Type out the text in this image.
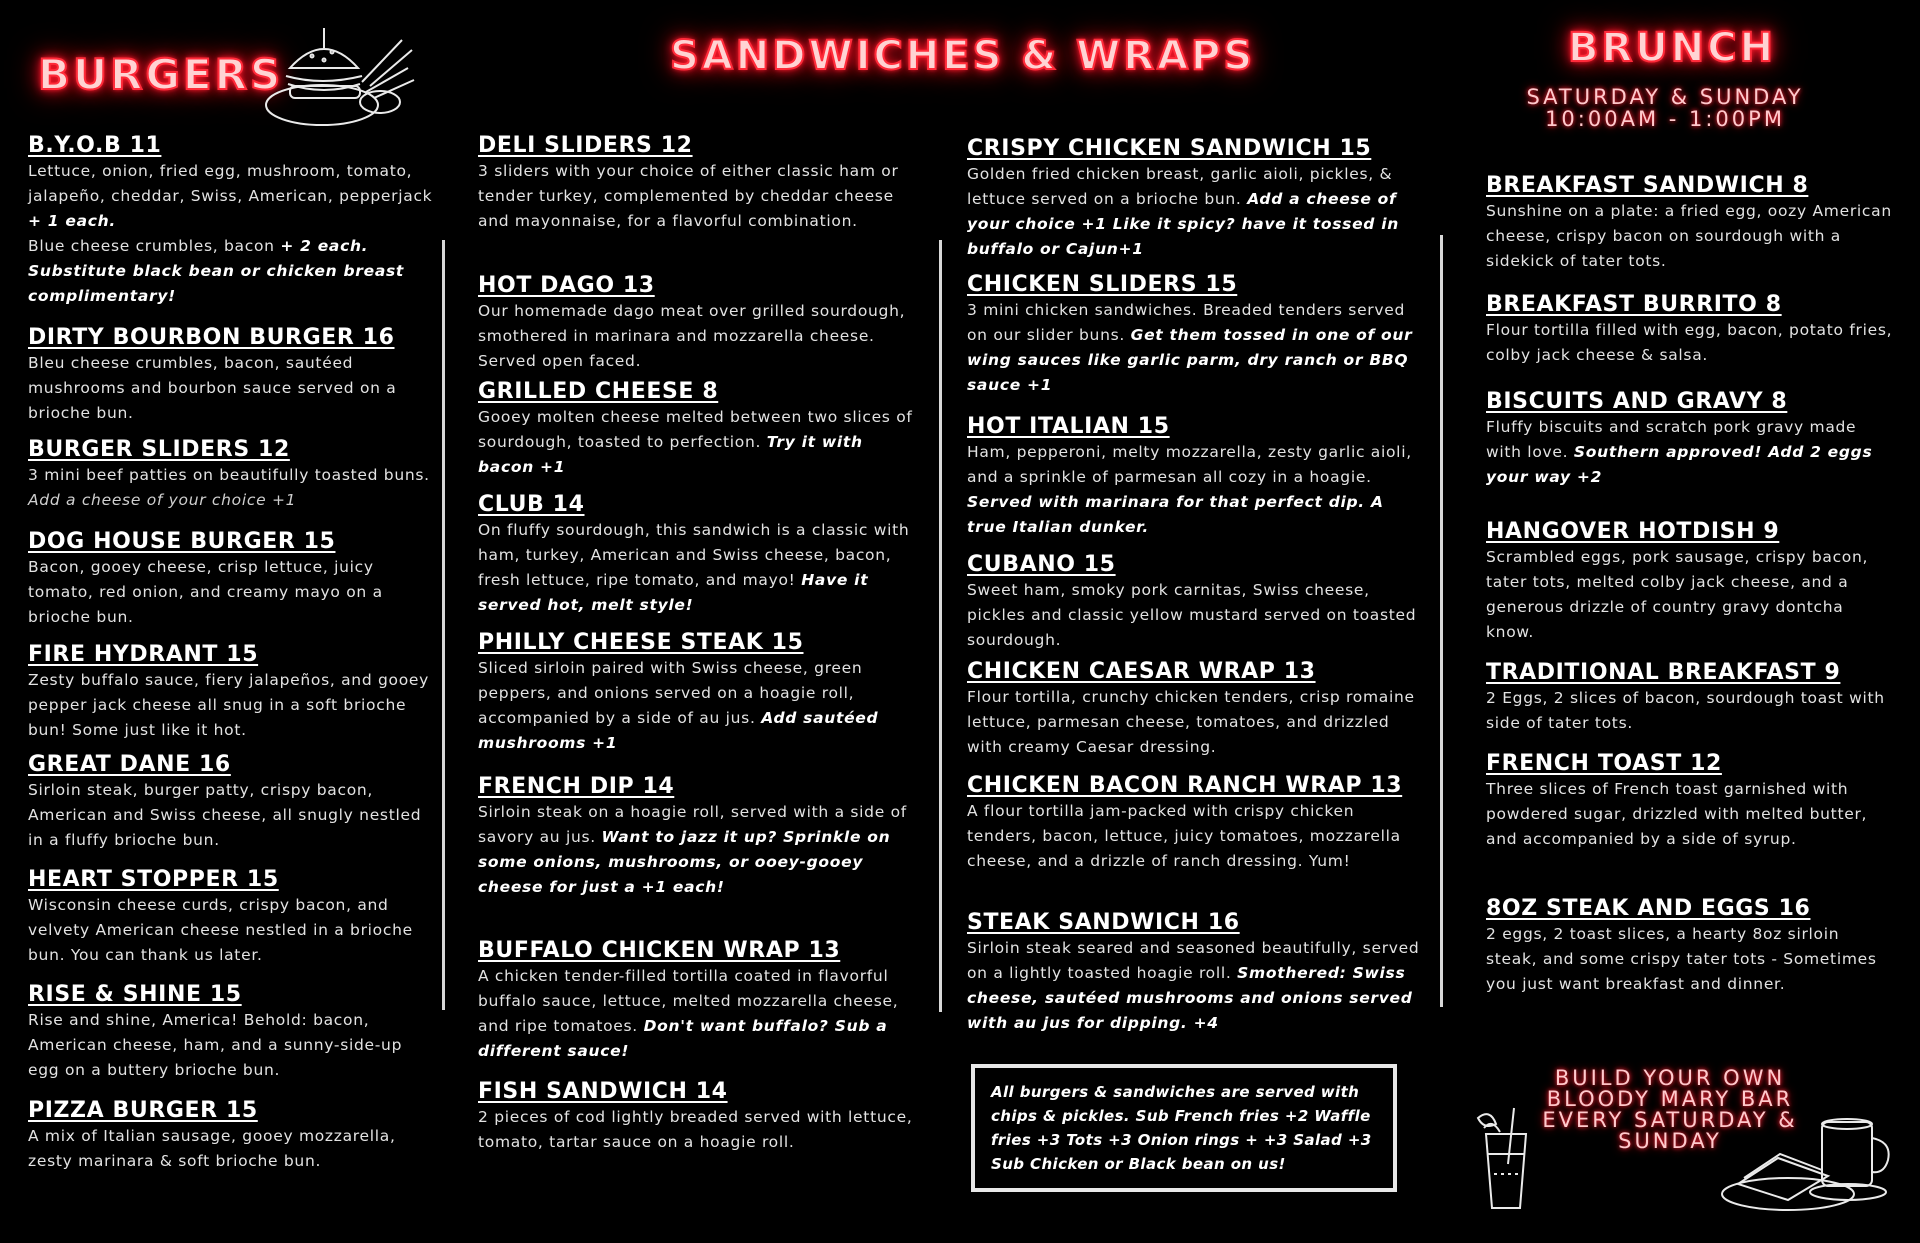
BURGERS	SANDWICHES & WRAPS	BRUNCH
SATURDAY & SUNDAY
10:00AM - 1:00PM
B.Y.O.B 11

Lettuce, onion, fried egg, mushroom, tomato, jalapeño, cheddar, Swiss, American, pepperjack + 1 each.
Blue cheese crumbles, bacon + 2 each. Substitute black bean or chicken breast complimentary!

DIRTY BOURBON BURGER 16

Bleu cheese crumbles, bacon, sautéed mushrooms and bourbon sauce served on a brioche bun.

BURGER SLIDERS 12

3 mini beef patties on beautifully toasted buns. Add a cheese of your choice +1

DOG HOUSE BURGER 15

Bacon, gooey cheese, crisp lettuce, juicy tomato, red onion, and creamy mayo on a brioche bun.

FIRE HYDRANT 15

Zesty buffalo sauce, fiery jalapeños, and gooey pepper jack cheese all snug in a soft brioche bun! Some just like it hot.

GREAT DANE 16

Sirloin steak, burger patty, crispy bacon, American and Swiss cheese, all snugly nestled in a fluffy brioche bun.

HEART STOPPER 15

Wisconsin cheese curds, crispy bacon, and velvety American cheese nestled in a brioche bun. You can thank us later.

RISE & SHINE 15

Rise and shine, America! Behold: bacon, American cheese, ham, and a sunny-side-up egg on a buttery brioche bun.

PIZZA BURGER 15

A mix of Italian sausage, gooey mozzarella, zesty marinara & soft brioche bun.

DELI SLIDERS 12

3 sliders with your choice of either classic ham or tender turkey, complemented by cheddar cheese and mayonnaise, for a flavorful combination.

HOT DAGO 13

Our homemade dago meat over grilled sourdough, smothered in marinara and mozzarella cheese. Served open faced.

GRILLED CHEESE 8

Gooey molten cheese melted between two slices of sourdough, toasted to perfection. Try it with bacon +1

CLUB 14

On fluffy sourdough, this sandwich is a classic with ham, turkey, American and Swiss cheese, bacon, fresh lettuce, ripe tomato, and mayo! Have it served hot, melt style!

PHILLY CHEESE STEAK 15

Sliced sirloin paired with Swiss cheese, green peppers, and onions served on a hoagie roll, accompanied by a side of au jus. Add sautéed mushrooms +1

FRENCH DIP 14

Sirloin steak on a hoagie roll, served with a side of savory au jus. Want to jazz it up? Sprinkle on some onions, mushrooms, or ooey-gooey cheese for just a +1 each!

BUFFALO CHICKEN WRAP 13

A chicken tender-filled tortilla coated in flavorful buffalo sauce, lettuce, melted mozzarella cheese, and ripe tomatoes. Don't want buffalo? Sub a different sauce!

FISH SANDWICH 14

2 pieces of cod lightly breaded served with lettuce, tomato, tartar sauce on a hoagie roll.

CRISPY CHICKEN SANDWICH 15

Golden fried chicken breast, garlic aioli, pickles, & lettuce served on a brioche bun. Add a cheese of your choice +1 Like it spicy? have it tossed in buffalo or Cajun+1

CHICKEN SLIDERS 15

3 mini chicken sandwiches. Breaded tenders served on our slider buns. Get them tossed in one of our wing sauces like garlic parm, dry ranch or BBQ sauce +1

HOT ITALIAN 15

Ham, pepperoni, melty mozzarella, zesty garlic aioli, and a sprinkle of parmesan all cozy in a hoagie. Served with marinara for that perfect dip. A true Italian dunker.

CUBANO 15

Sweet ham, smoky pork carnitas, Swiss cheese, pickles and classic yellow mustard served on toasted sourdough.

CHICKEN CAESAR WRAP 13

Flour tortilla, crunchy chicken tenders, crisp romaine lettuce, parmesan cheese, tomatoes, and drizzled with creamy Caesar dressing.

CHICKEN BACON RANCH WRAP 13

A flour tortilla jam-packed with crispy chicken tenders, bacon, lettuce, juicy tomatoes, mozzarella cheese, and a drizzle of ranch dressing. Yum!

STEAK SANDWICH 16

Sirloin steak seared and seasoned beautifully, served on a lightly toasted hoagie roll. Smothered: Swiss cheese, sautéed mushrooms and onions served with au jus for dipping. +4

All burgers & sandwiches are served with chips & pickles. Sub French fries +2 Waffle fries +3 Tots +3 Onion rings + +3 Salad +3 Sub Chicken or Black bean on us!
BREAKFAST SANDWICH 8

Sunshine on a plate: a fried egg, oozy American cheese, crispy bacon on sourdough with a sidekick of tater tots.

BREAKFAST BURRITO 8

Flour tortilla filled with egg, bacon, potato fries, colby jack cheese & salsa.

BISCUITS AND GRAVY 8

Fluffy biscuits and scratch pork gravy made with love. Southern approved! Add 2 eggs your way +2

HANGOVER HOTDISH 9

Scrambled eggs, pork sausage, crispy bacon, tater tots, melted colby jack cheese, and a generous drizzle of country gravy dontcha know.

TRADITIONAL BREAKFAST 9

2 Eggs, 2 slices of bacon, sourdough toast with side of tater tots.

FRENCH TOAST 12

Three slices of French toast garnished with powdered sugar, drizzled with melted butter, and accompanied by a side of syrup.

8OZ STEAK AND EGGS 16

2 eggs, 2 toast slices, a hearty 8oz sirloin steak, and some crispy tater tots - Sometimes you just want breakfast and dinner.

BUILD YOUR OWN
BLOODY MARY BAR
EVERY SATURDAY &
SUNDAY
